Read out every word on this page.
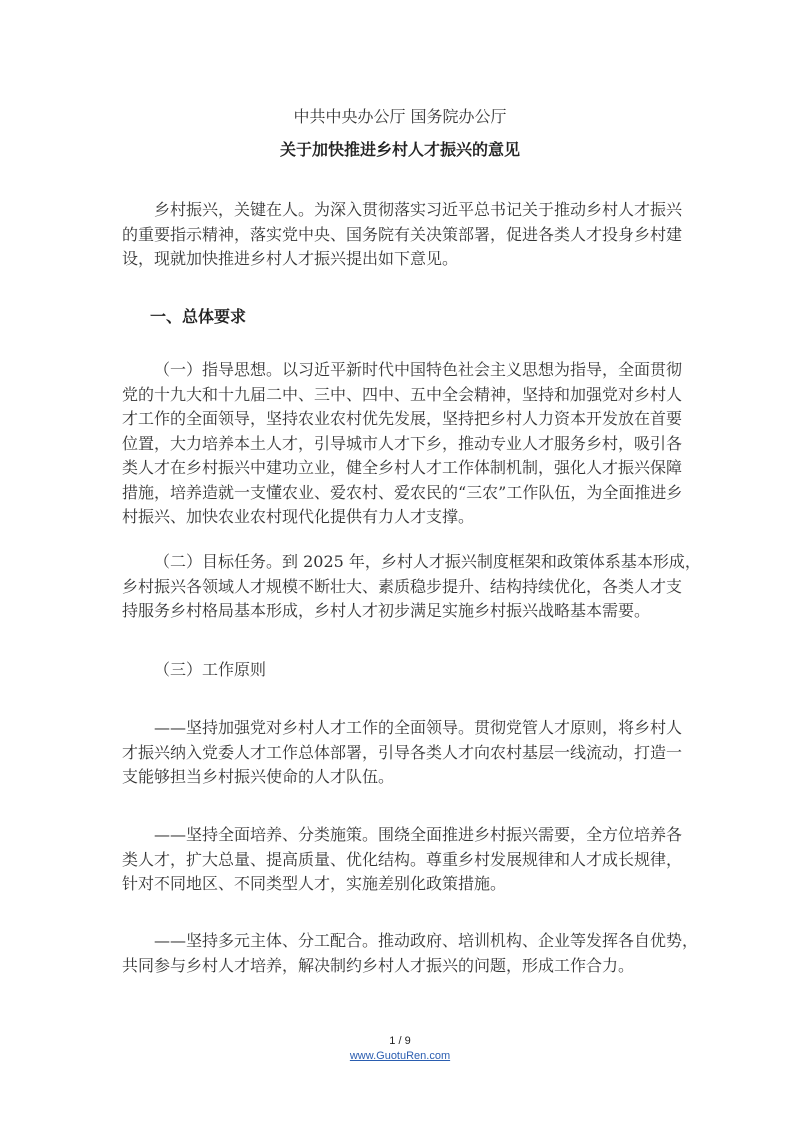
中共中央办公厅 国务院办公厅
关于加快推进乡村人才振兴的意见
乡村振兴，关键在人。为深入贯彻落实习近平总书记关于推动乡村人才振兴
的重要指示精神，落实党中央、国务院有关决策部署，促进各类人才投身乡村建
设，现就加快推进乡村人才振兴提出如下意见。
一、总体要求
（一）指导思想。以习近平新时代中国特色社会主义思想为指导，全面贯彻
党的十九大和十九届二中、三中、四中、五中全会精神，坚持和加强党对乡村人
才工作的全面领导，坚持农业农村优先发展，坚持把乡村人力资本开发放在首要
位置，大力培养本土人才，引导城市人才下乡，推动专业人才服务乡村，吸引各
类人才在乡村振兴中建功立业，健全乡村人才工作体制机制，强化人才振兴保障
措施，培养造就一支懂农业、爱农村、爱农民的“三农”工作队伍，为全面推进乡
村振兴、加快农业农村现代化提供有力人才支撑。
（二）目标任务。到 2025 年，乡村人才振兴制度框架和政策体系基本形成，
乡村振兴各领域人才规模不断壮大、素质稳步提升、结构持续优化，各类人才支
持服务乡村格局基本形成，乡村人才初步满足实施乡村振兴战略基本需要。
（三）工作原则
——坚持加强党对乡村人才工作的全面领导。贯彻党管人才原则，将乡村人
才振兴纳入党委人才工作总体部署，引导各类人才向农村基层一线流动，打造一
支能够担当乡村振兴使命的人才队伍。
——坚持全面培养、分类施策。围绕全面推进乡村振兴需要，全方位培养各
类人才，扩大总量、提高质量、优化结构。尊重乡村发展规律和人才成长规律，
针对不同地区、不同类型人才，实施差别化政策措施。
——坚持多元主体、分工配合。推动政府、培训机构、企业等发挥各自优势，
共同参与乡村人才培养，解决制约乡村人才振兴的问题，形成工作合力。
1 / 9
www.GuotuRen.com
